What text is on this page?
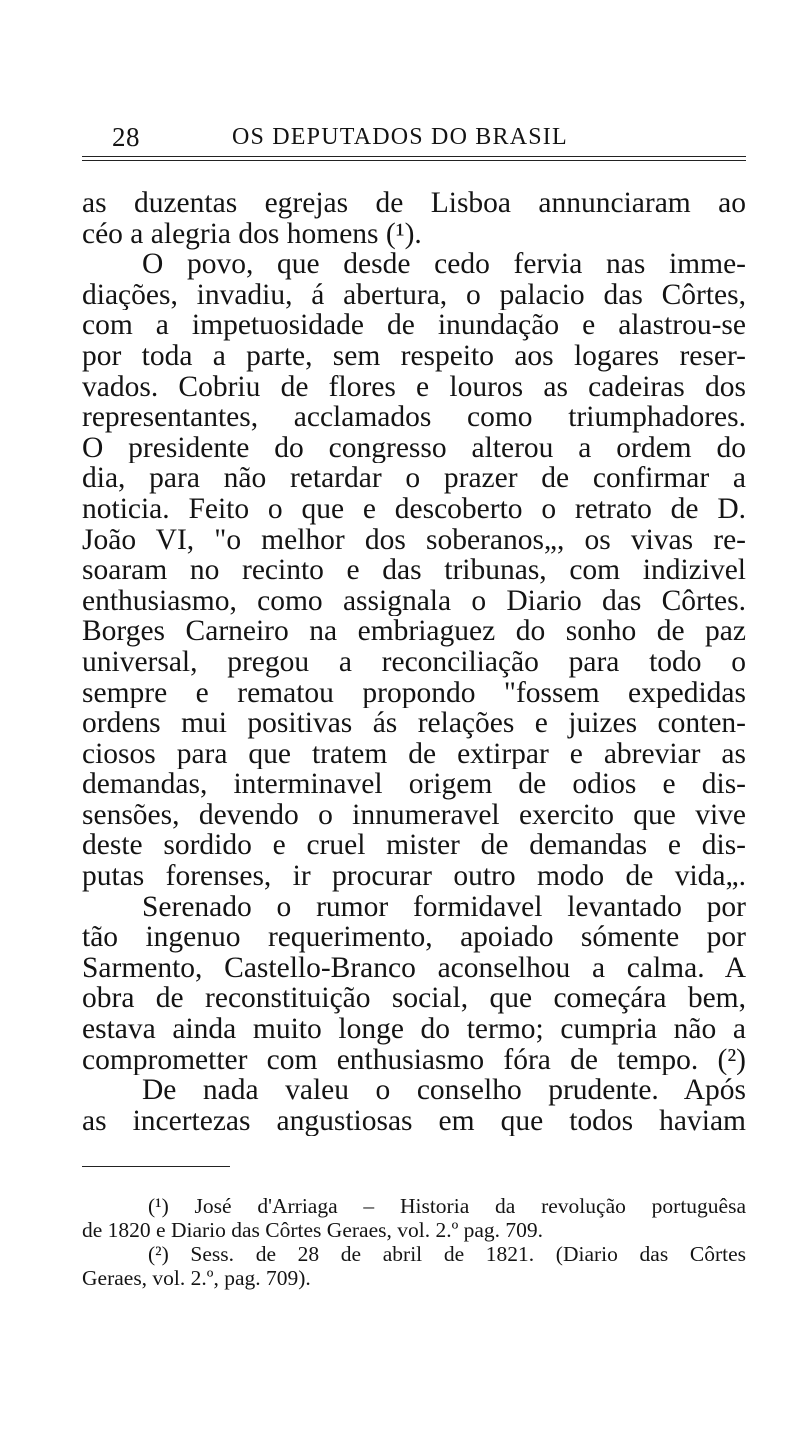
28	OS DEPUTADOS DO BRASIL
as duzentas egrejas de Lisboa annunciaram ao
céo a alegria dos homens (¹).
O povo, que desde cedo fervia nas imme-
diações, invadiu, á abertura, o palacio das Côrtes,
com a impetuosidade de inundação e alastrou-se
por toda a parte, sem respeito aos logares reser-
vados. Cobriu de flores e louros as cadeiras dos
representantes, acclamados como triumphadores.
O presidente do congresso alterou a ordem do
dia, para não retardar o prazer de confirmar a
noticia. Feito o que e descoberto o retrato de D.
João VI, "o melhor dos soberanos„, os vivas re-
soaram no recinto e das tribunas, com indizivel
enthusiasmo, como assignala o Diario das Côrtes.
Borges Carneiro na embriaguez do sonho de paz
universal, pregou a reconciliação para todo o
sempre e rematou propondo "fossem expedidas
ordens mui positivas ás relações e juizes conten-
ciosos para que tratem de extirpar e abreviar as
demandas, interminavel origem de odios e dis-
sensões, devendo o innumeravel exercito que vive
deste sordido e cruel mister de demandas e dis-
putas forenses, ir procurar outro modo de vida„.
Serenado o rumor formidavel levantado por
tão ingenuo requerimento, apoiado sómente por
Sarmento, Castello-Branco aconselhou a calma. A
obra de reconstituição social, que começára bem,
estava ainda muito longe do termo; cumpria não a
comprometter com enthusiasmo fóra de tempo. (²)
De nada valeu o conselho prudente. Após
as incertezas angustiosas em que todos haviam
(¹) José d'Arriaga – Historia da revolução portuguêsa
de 1820 e Diario das Côrtes Geraes, vol. 2.º pag. 709.
(²) Sess. de 28 de abril de 1821. (Diario das Côrtes
Geraes, vol. 2.º, pag. 709).
